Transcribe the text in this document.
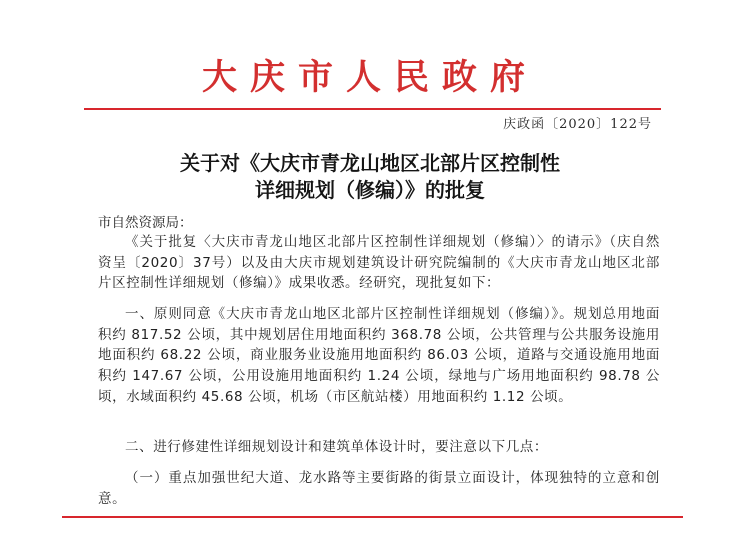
大庆市人民政府
庆政函〔2020〕122号
关于对《大庆市青龙山地区北部片区控制性
详细规划（修编）》的批复
市自然资源局：
《关于批复〈大庆市青龙山地区北部片区控制性详细规划（修编）〉的请示》（庆自然资呈〔2020〕37号）以及由大庆市规划建筑设计研究院编制的《大庆市青龙山地区北部片区控制性详细规划（修编）》成果收悉。经研究，现批复如下：
一、原则同意《大庆市青龙山地区北部片区控制性详细规划（修编）》。规划总用地面积约 817.52 公顷，其中规划居住用地面积约 368.78 公顷，公共管理与公共服务设施用地面积约 68.22 公顷，商业服务业设施用地面积约 86.03 公顷，道路与交通设施用地面积约 147.67 公顷，公用设施用地面积约 1.24 公顷，绿地与广场用地面积约 98.78 公顷，水域面积约 45.68 公顷，机场（市区航站楼）用地面积约 1.12 公顷。
二、进行修建性详细规划设计和建筑单体设计时，要注意以下几点：
（一）重点加强世纪大道、龙水路等主要街路的街景立面设计，体现独特的立意和创意。
